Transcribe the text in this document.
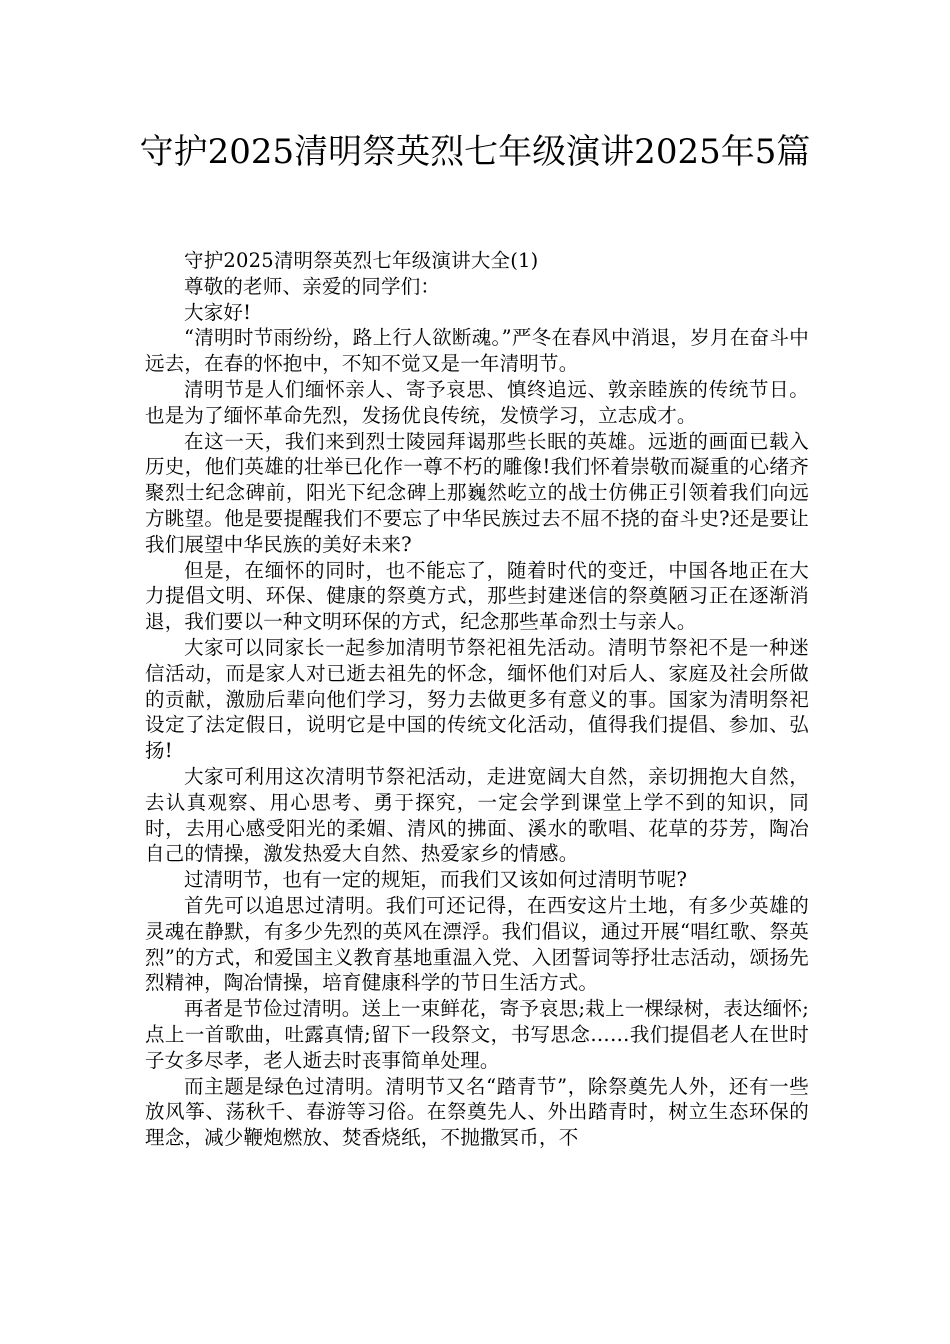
守护2025清明祭英烈七年级演讲2025年5篇

守护2025清明祭英烈七年级演讲大全(1)

尊敬的老师、亲爱的同学们：

大家好!

“清明时节雨纷纷，路上行人欲断魂。”严冬在春风中消退，岁月在奋斗中远去，在春的怀抱中，不知不觉又是一年清明节。

清明节是人们缅怀亲人、寄予哀思、慎终追远、敦亲睦族的传统节日。也是为了缅怀革命先烈，发扬优良传统，发愤学习，立志成才。

在这一天，我们来到烈士陵园拜谒那些长眠的英雄。远逝的画面已载入历史，他们英雄的壮举已化作一尊不朽的雕像!我们怀着崇敬而凝重的心绪齐聚烈士纪念碑前，阳光下纪念碑上那巍然屹立的战士仿佛正引领着我们向远方眺望。他是要提醒我们不要忘了中华民族过去不屈不挠的奋斗史?还是要让我们展望中华民族的美好未来?

但是，在缅怀的同时，也不能忘了，随着时代的变迁，中国各地正在大力提倡文明、环保、健康的祭奠方式，那些封建迷信的祭奠陋习正在逐渐消退，我们要以一种文明环保的方式，纪念那些革命烈士与亲人。

大家可以同家长一起参加清明节祭祀祖先活动。清明节祭祀不是一种迷信活动，而是家人对已逝去祖先的怀念，缅怀他们对后人、家庭及社会所做的贡献，激励后辈向他们学习，努力去做更多有意义的事。国家为清明祭祀设定了法定假日，说明它是中国的传统文化活动，值得我们提倡、参加、弘扬!

大家可利用这次清明节祭祀活动，走进宽阔大自然，亲切拥抱大自然，去认真观察、用心思考、勇于探究，一定会学到课堂上学不到的知识，同时，去用心感受阳光的柔媚、清风的拂面、溪水的歌唱、花草的芬芳，陶冶自己的情操，激发热爱大自然、热爱家乡的情感。

过清明节，也有一定的规矩，而我们又该如何过清明节呢?

首先可以追思过清明。我们可还记得，在西安这片土地，有多少英雄的灵魂在静默，有多少先烈的英风在漂浮。我们倡议，通过开展“唱红歌、祭英烈”的方式，和爱国主义教育基地重温入党、入团誓词等抒壮志活动，颂扬先烈精神，陶冶情操，培育健康科学的节日生活方式。

再者是节俭过清明。送上一束鲜花，寄予哀思;栽上一棵绿树，表达缅怀;点上一首歌曲，吐露真情;留下一段祭文，书写思念……我们提倡老人在世时子女多尽孝，老人逝去时丧事简单处理。

而主题是绿色过清明。清明节又名“踏青节”，除祭奠先人外，还有一些放风筝、荡秋千、春游等习俗。在祭奠先人、外出踏青时，树立生态环保的理念，减少鞭炮燃放、焚香烧纸，不抛撒冥币，不
